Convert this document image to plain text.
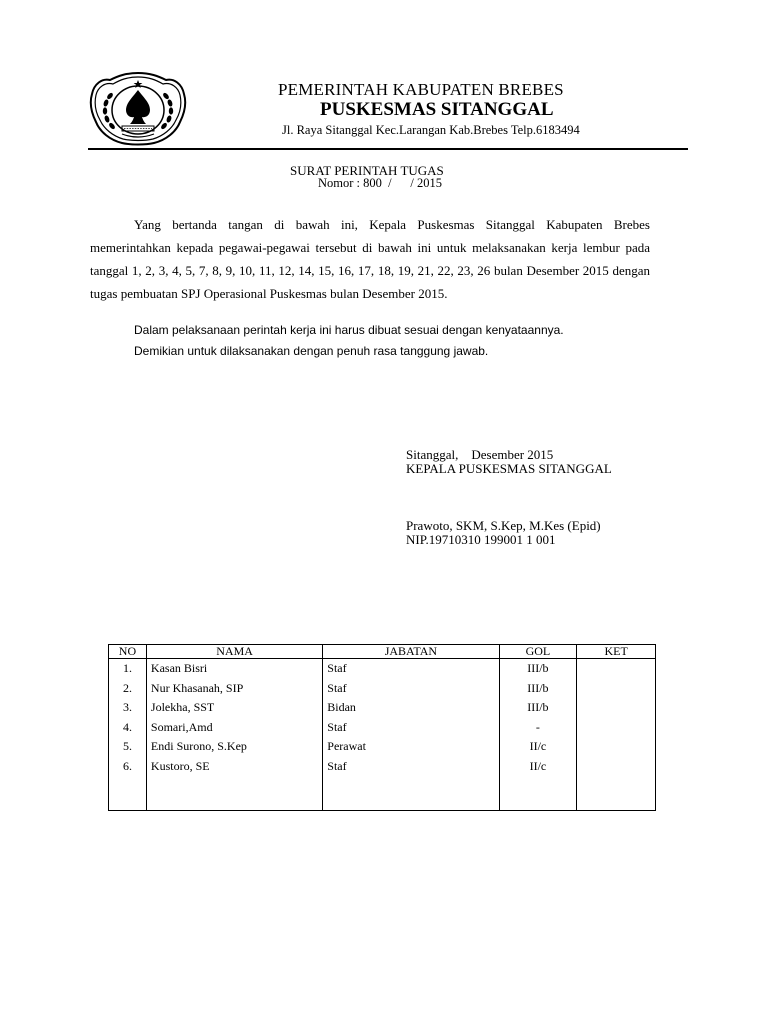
PEMERINTAH KABUPATEN BREBES
PUSKESMAS SITANGGAL
Jl. Raya Sitanggal Kec.Larangan Kab.Brebes Telp.6183494
SURAT PERINTAH TUGAS
Nomor : 800  /      / 2015

Yang bertanda tangan di bawah ini, Kepala Puskesmas Sitanggal Kabupaten Brebes memerintahkan kepada pegawai-pegawai tersebut di bawah ini untuk melaksanakan kerja lembur pada tanggal 1, 2, 3, 4, 5, 7, 8, 9, 10, 11, 12, 14, 15, 16, 17, 18, 19, 21, 22, 23, 26 bulan Desember 2015 dengan tugas pembuatan SPJ Operasional Puskesmas bulan Desember 2015.

Dalam pelaksanaan perintah kerja ini harus dibuat sesuai dengan kenyataannya.
Demikian untuk dilaksanakan dengan penuh rasa tanggung jawab.
Sitanggal,    Desember 2015
KEPALA PUSKESMAS SITANGGAL
Prawoto, SKM, S.Kep, M.Kes (Epid)
NIP.19710310 199001 1 001
NO	NAMA	JABATAN	GOL	KET
1.	Kasan Bisri	Staf	III/b	
2.	Nur Khasanah, SIP	Staf	III/b	
3.	Jolekha, SST	Bidan	III/b	
4.	Somari,Amd	Staf	-	
5.	Endi Surono, S.Kep	Perawat	II/c	
6.	Kustoro, SE	Staf	II/c	
